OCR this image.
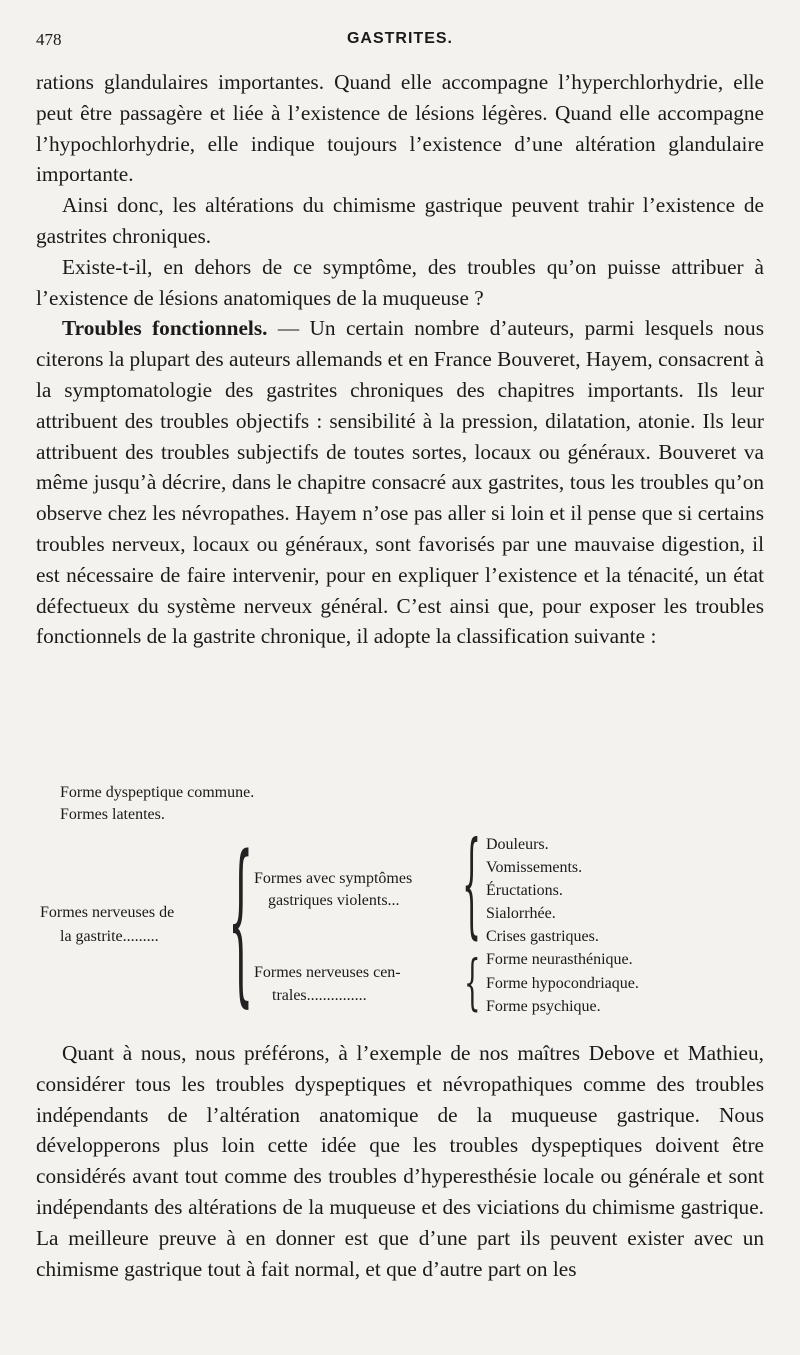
478	GASTRITES.

rations glandulaires importantes. Quand elle accompagne l’hyperchlorhydrie, elle peut être passagère et liée à l’existence de lésions légères. Quand elle accompagne l’hypochlorhydrie, elle indique toujours l’existence d’une altération glandulaire importante.

Ainsi donc, les altérations du chimisme gastrique peuvent trahir l’existence de gastrites chroniques.

Existe-t-il, en dehors de ce symptôme, des troubles qu’on puisse attribuer à l’existence de lésions anatomiques de la muqueuse ?

Troubles fonctionnels. — Un certain nombre d’auteurs, parmi lesquels nous citerons la plupart des auteurs allemands et en France Bouveret, Hayem, consacrent à la symptomatologie des gastrites chroniques des chapitres importants. Ils leur attribuent des troubles objectifs : sensibilité à la pression, dilatation, atonie. Ils leur attribuent des troubles subjectifs de toutes sortes, locaux ou généraux. Bouveret va même jusqu’à décrire, dans le chapitre consacré aux gastrites, tous les troubles qu’on observe chez les névropathes. Hayem n’ose pas aller si loin et il pense que si certains troubles nerveux, locaux ou généraux, sont favorisés par une mauvaise digestion, il est nécessaire de faire intervenir, pour en expliquer l’existence et la ténacité, un état défectueux du système nerveux général. C’est ainsi que, pour exposer les troubles fonctionnels de la gastrite chronique, il adopte la classification suivante :

Forme dyspeptique commune.
Formes latentes.
Formes nerveuses de
la gastrite......... { Formes avec symptômes
gastriques violents...
Formes nerveuses cen-
trales...............
{
{
Douleurs.
Vomissements.
Éructations.
Sialorrhée.
Crises gastriques.
Forme neurasthénique.
Forme hypocondriaque.
Forme psychique.

Quant à nous, nous préférons, à l’exemple de nos maîtres Debove et Mathieu, considérer tous les troubles dyspeptiques et névropathiques comme des troubles indépendants de l’altération anatomique de la muqueuse gastrique. Nous développerons plus loin cette idée que les troubles dyspeptiques doivent être considérés avant tout comme des troubles d’hyperesthésie locale ou générale et sont indépendants des altérations de la muqueuse et des viciations du chimisme gastrique. La meilleure preuve à en donner est que d’une part ils peuvent exister avec un chimisme gastrique tout à fait normal, et que d’autre part on les
